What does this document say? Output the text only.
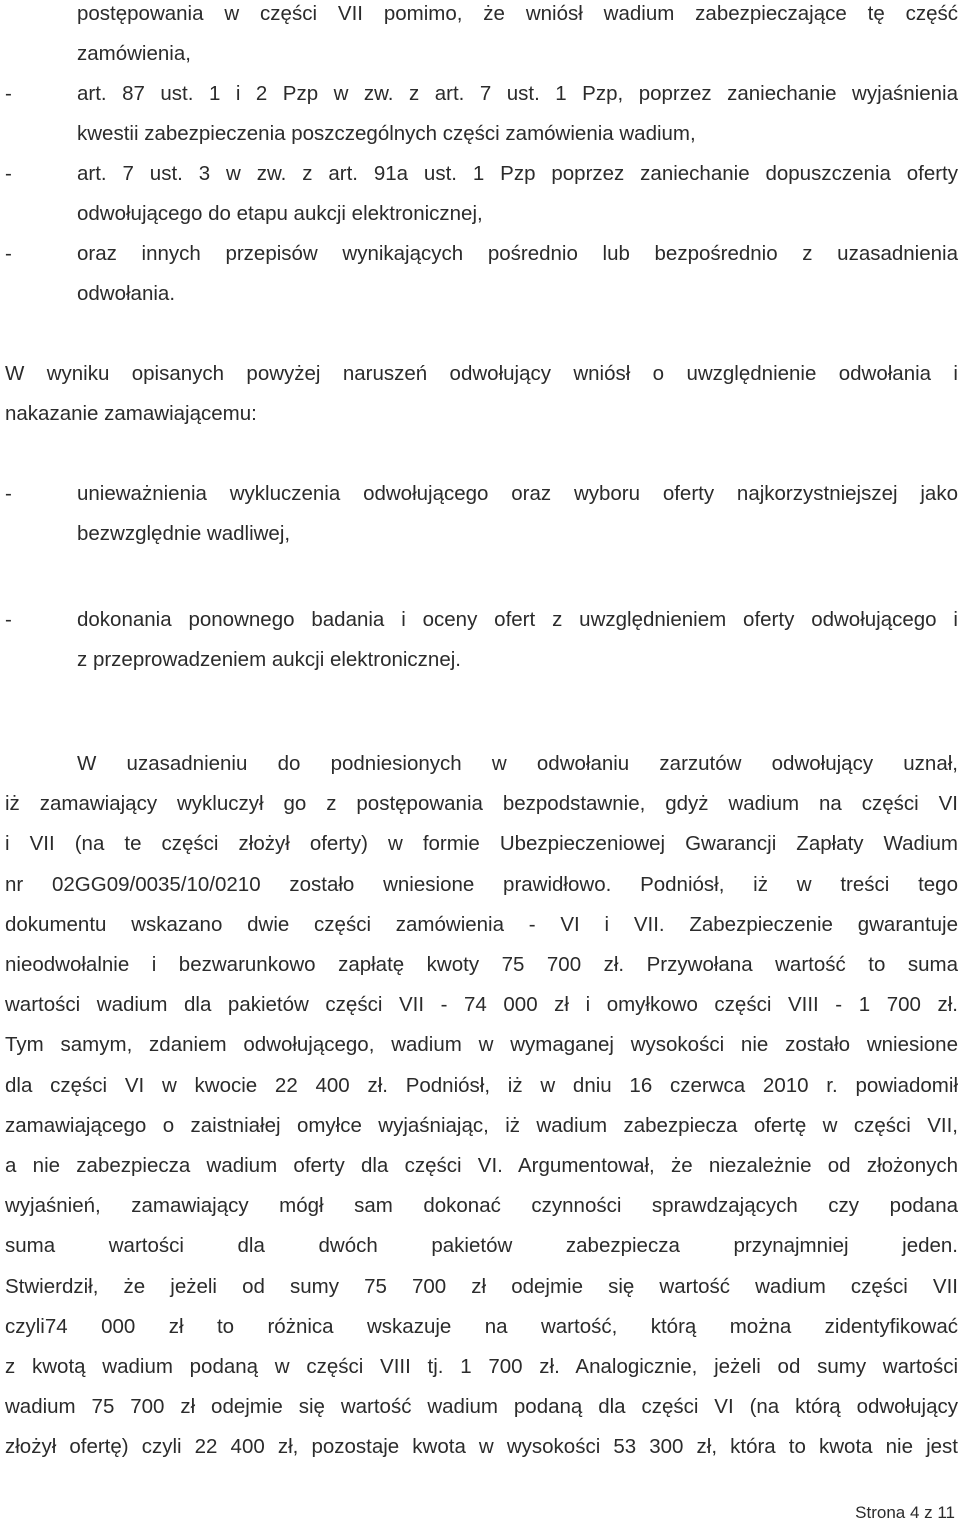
postępowania w części VII pomimo, że wniósł wadium zabezpieczające tę część
zamówienia,
-	art. 87 ust. 1 i 2 Pzp w zw. z art. 7 ust. 1 Pzp, poprzez zaniechanie wyjaśnienia
kwestii zabezpieczenia poszczególnych części zamówienia wadium,
-	art. 7 ust. 3 w zw. z art. 91a ust. 1 Pzp poprzez zaniechanie dopuszczenia oferty
odwołującego do etapu aukcji elektronicznej,
-	oraz innych przepisów wynikających pośrednio lub bezpośrednio z uzasadnienia
odwołania.
W wyniku opisanych powyżej naruszeń odwołujący wniósł o uwzględnienie odwołania i
nakazanie zamawiającemu:
-	unieważnienia wykluczenia odwołującego oraz wyboru oferty najkorzystniejszej jako
bezwzględnie wadliwej,
-	dokonania ponownego badania i oceny ofert z uwzględnieniem oferty odwołującego i
z przeprowadzeniem aukcji elektronicznej.
W uzasadnieniu do podniesionych w odwołaniu zarzutów odwołujący uznał,
iż zamawiający wykluczył go z postępowania bezpodstawnie, gdyż wadium na części VI
i VII (na te części złożył oferty) w formie Ubezpieczeniowej Gwarancji Zapłaty Wadium
nr 02GG09/0035/10/0210 zostało wniesione prawidłowo. Podniósł, iż w treści tego
dokumentu wskazano dwie części zamówienia - VI i VII. Zabezpieczenie gwarantuje
nieodwołalnie i bezwarunkowo zapłatę kwoty 75 700 zł. Przywołana wartość to suma
wartości wadium dla pakietów części VII - 74 000 zł i omyłkowo części VIII - 1 700 zł.
Tym samym, zdaniem odwołującego, wadium w wymaganej wysokości nie zostało wniesione
dla części VI w kwocie 22 400 zł. Podniósł, iż w dniu 16 czerwca 2010 r. powiadomił
zamawiającego o zaistniałej omyłce wyjaśniając, iż wadium zabezpiecza ofertę w części VII,
a nie zabezpiecza wadium oferty dla części VI. Argumentował, że niezależnie od złożonych
wyjaśnień, zamawiający mógł sam dokonać czynności sprawdzających czy podana
suma wartości dla dwóch pakietów zabezpiecza przynajmniej jeden.
Stwierdził, że jeżeli od sumy 75 700 zł odejmie się wartość wadium części VII
czyli74 000 zł to różnica wskazuje na wartość, którą można zidentyfikować
z kwotą wadium podaną w części VIII tj. 1 700 zł. Analogicznie, jeżeli od sumy wartości
wadium 75 700 zł odejmie się wartość wadium podaną dla części VI (na którą odwołujący
złożył ofertę) czyli 22 400 zł, pozostaje kwota w wysokości 53 300 zł, która to kwota nie jest
Strona 4 z 11
